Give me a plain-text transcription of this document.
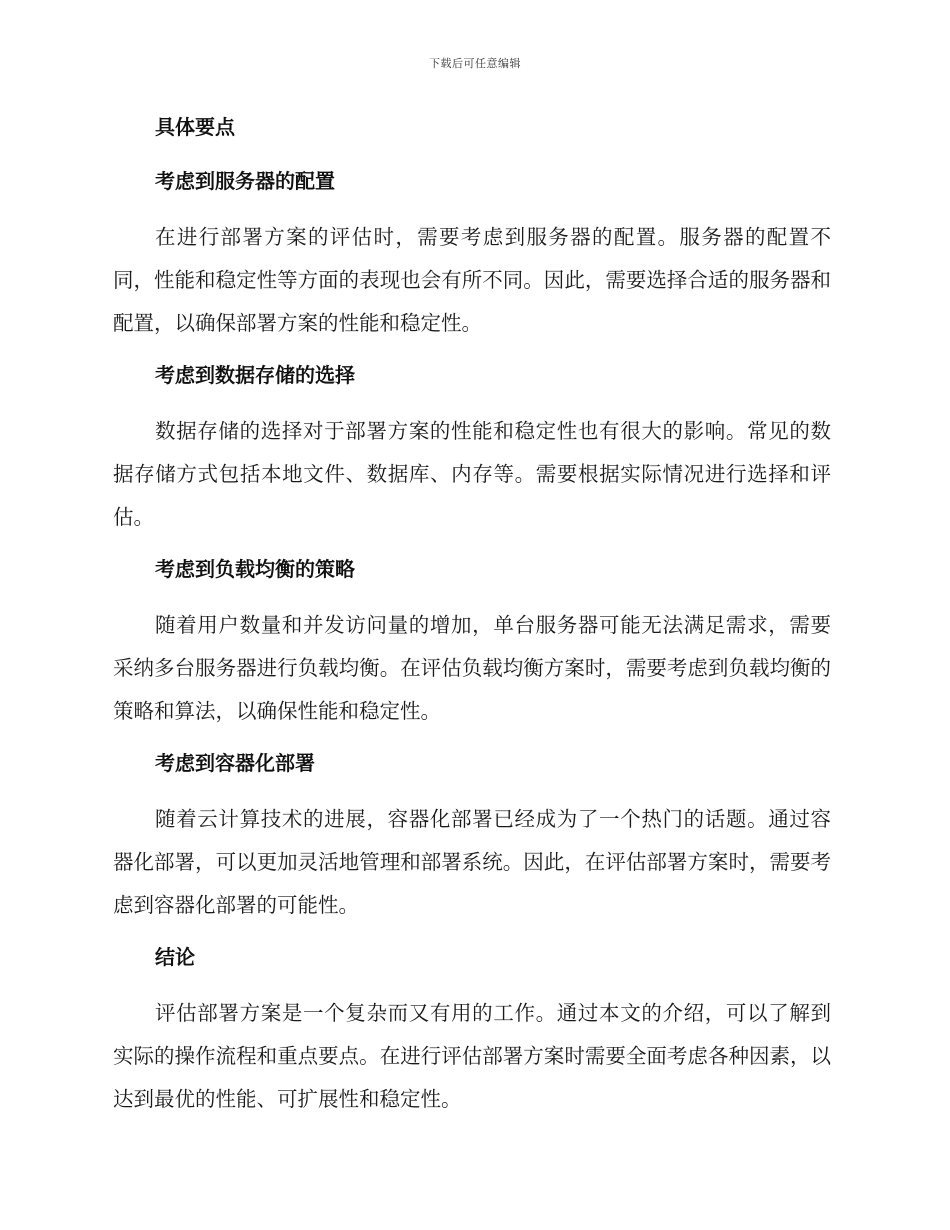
下载后可任意编辑
具体要点
考虑到服务器的配置

在进行部署方案的评估时，需要考虑到服务器的配置。服务器的配置不同，性能和稳定性等方面的表现也会有所不同。因此，需要选择合适的服务器和配置，以确保部署方案的性能和稳定性。

考虑到数据存储的选择

数据存储的选择对于部署方案的性能和稳定性也有很大的影响。常见的数据存储方式包括本地文件、数据库、内存等。需要根据实际情况进行选择和评估。

考虑到负载均衡的策略

随着用户数量和并发访问量的增加，单台服务器可能无法满足需求，需要采纳多台服务器进行负载均衡。在评估负载均衡方案时，需要考虑到负载均衡的策略和算法，以确保性能和稳定性。

考虑到容器化部署

随着云计算技术的进展，容器化部署已经成为了一个热门的话题。通过容器化部署，可以更加灵活地管理和部署系统。因此，在评估部署方案时，需要考虑到容器化部署的可能性。

结论

评估部署方案是一个复杂而又有用的工作。通过本文的介绍，可以了解到实际的操作流程和重点要点。在进行评估部署方案时需要全面考虑各种因素，以达到最优的性能、可扩展性和稳定性。
